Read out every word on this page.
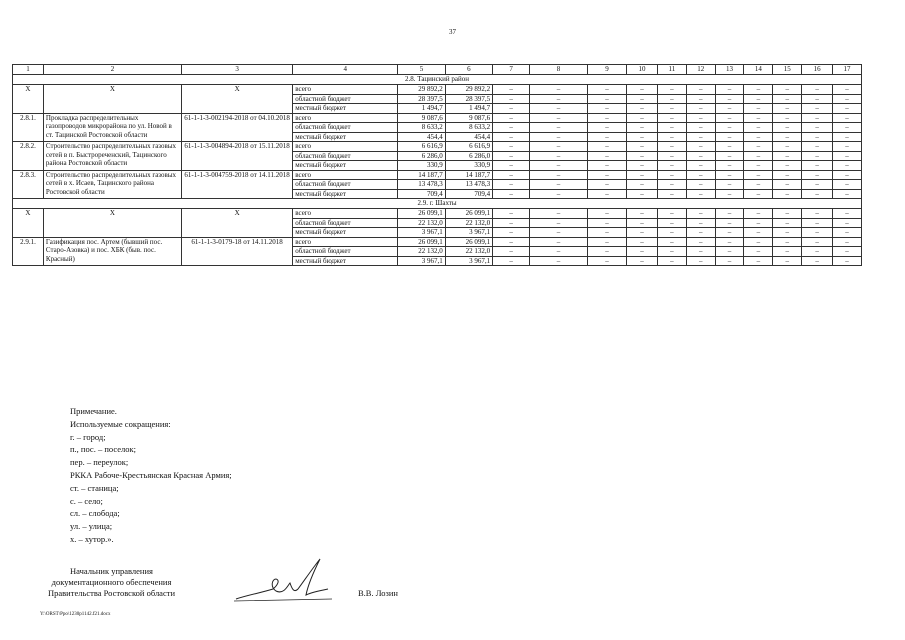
37
1	2	3	4	5	6	7	8	9	10	11	12	13	14	15	16	17
2.8. Тацинский район																
Х	Х	Х	всего	29 892,2	29 892,2	–	–	–	–	–	–	–	–	–	–	–
			областной бюджет	28 397,5	28 397,5	–	–	–	–	–	–	–	–	–	–	–
			местный бюджет	1 494,7	1 494,7	–	–	–	–	–	–	–	–	–	–	–
2.8.1.	Прокладка распределительных газопроводов микрорайона по ул. Новой в ст. Тацинской Ростовской области	61-1-1-3-002194-2018 от 04.10.2018	всего	9 087,6	9 087,6	–	–	–	–	–	–	–	–	–	–	–
			областной бюджет	8 633,2	8 633,2	–	–	–	–	–	–	–	–	–	–	–
			местный бюджет	454,4	454,4	–	–	–	–	–	–	–	–	–	–	–
2.8.2.	Строительство распределительных газовых сетей в п. Быстрореченский, Тацинского района Ростовской области	61-1-1-3-004894-2018 от 15.11.2018	всего	6 616,9	6 616,9	–	–	–	–	–	–	–	–	–	–	–
			областной бюджет	6 286,0	6 286,0	–	–	–	–	–	–	–	–	–	–	–
			местный бюджет	330,9	330,9	–	–	–	–	–	–	–	–	–	–	–
2.8.3.	Строительство распределительных газовых сетей в х. Исаев, Тацинского района Ростовской области	61-1-1-3-004759-2018 от 14.11.2018	всего	14 187,7	14 187,7	–	–	–	–	–	–	–	–	–	–	–
			областной бюджет	13 478,3	13 478,3	–	–	–	–	–	–	–	–	–	–	–
			местный бюджет	709,4	709,4	–	–	–	–	–	–	–	–	–	–	–
2.9. г. Шахты																
Х	Х	Х	всего	26 099,1	26 099,1	–	–	–	–	–	–	–	–	–	–	–
			областной бюджет	22 132,0	22 132,0	–	–	–	–	–	–	–	–	–	–	–
			местный бюджет	3 967,1	3 967,1	–	–	–	–	–	–	–	–	–	–	–
2.9.1.	Газификация пос. Артем (бывший пос. Старо-Азовка) и пос. ХБК (быв. пос. Красный)	61-1-1-3-0179-18 от 14.11.2018	всего	26 099,1	26 099,1	–	–	–	–	–	–	–	–	–	–	–
			областной бюджет	22 132,0	22 132,0	–	–	–	–	–	–	–	–	–	–	–
			местный бюджет	3 967,1	3 967,1	–	–	–	–	–	–	–	–	–	–	–
Примечание.
Используемые сокращения:
г. – город;
п., пос. – поселок;
пер. – переулок;
РККА Рабоче-Крестьянская Красная Армия;
ст. – станица;
с. – село;
сл. – слобода;
ул. – улица;
х. – хутор.».
Начальник управления
документационного обеспечения
Правительства Ростовской области	В.В. Лозин
Y:\ORST\Ppo\1230p1142.f21.docx
